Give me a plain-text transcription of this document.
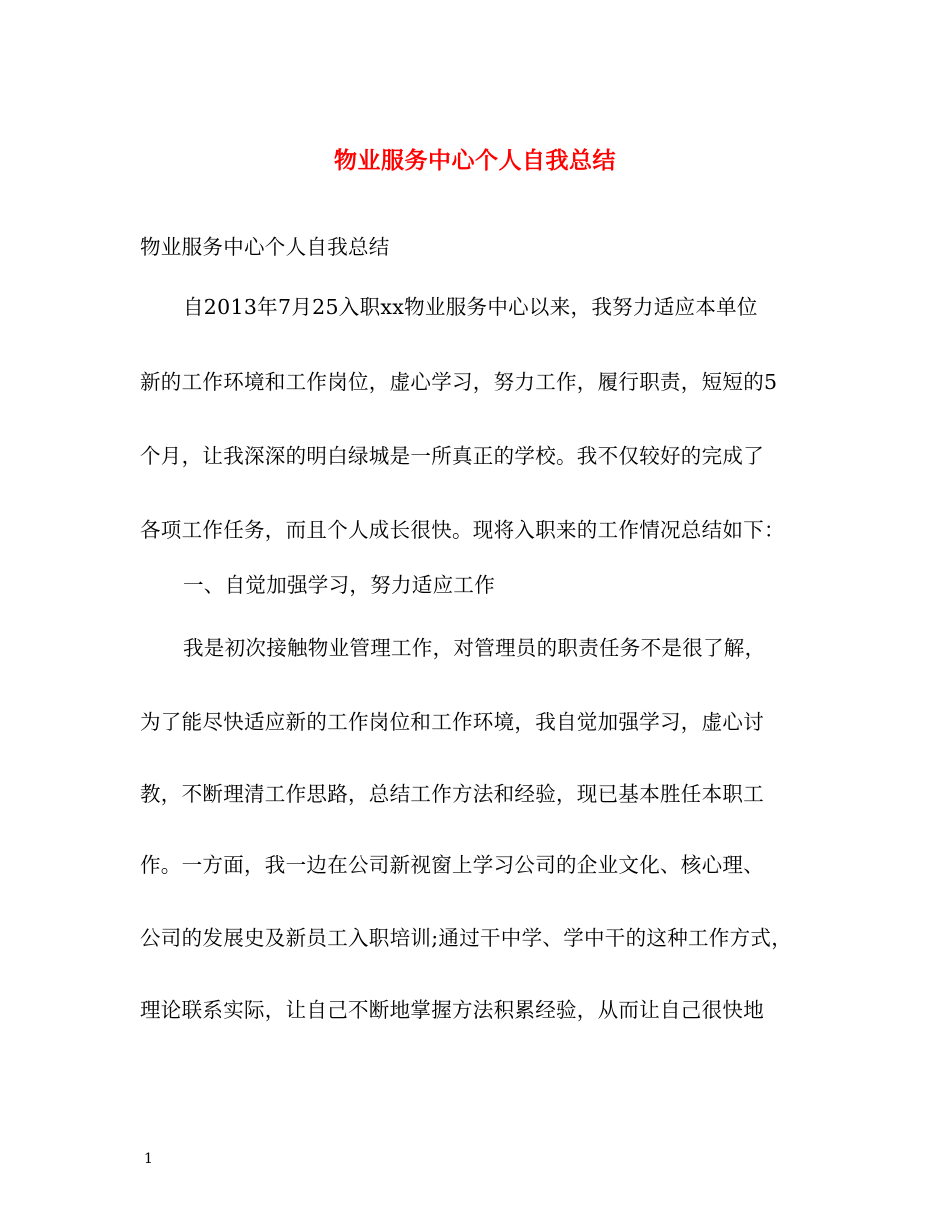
物业服务中心个人自我总结
物业服务中心个人自我总结
自2013年7月25入职xx物业服务中心以来，我努力适应本单位
新的工作环境和工作岗位，虚心学习，努力工作，履行职责，短短的5
个月，让我深深的明白绿城是一所真正的学校。我不仅较好的完成了
各项工作任务，而且个人成长很快。现将入职来的工作情况总结如下：
一、自觉加强学习，努力适应工作
我是初次接触物业管理工作，对管理员的职责任务不是很了解，
为了能尽快适应新的工作岗位和工作环境，我自觉加强学习，虚心讨
教，不断理清工作思路，总结工作方法和经验，现已基本胜任本职工
作。一方面，我一边在公司新视窗上学习公司的企业文化、核心理、
公司的发展史及新员工入职培训;通过干中学、学中干的这种工作方式，
理论联系实际，让自己不断地掌握方法积累经验，从而让自己很快地
1
